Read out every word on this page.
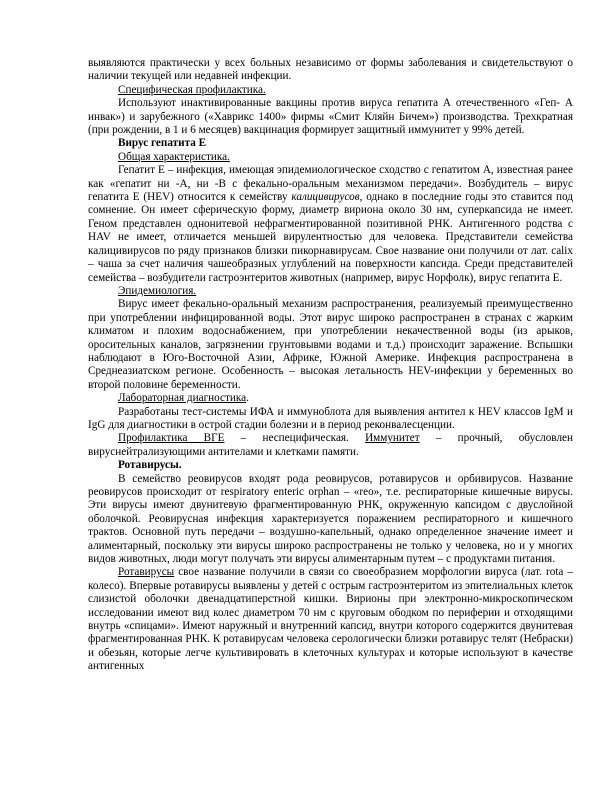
выявляются практически у всех больных независимо от формы заболевания и свидетельствуют о наличии текущей или недавней инфекции.

Специфическая профилактика.

Используют инактивированные вакцины против вируса гепатита А отечественного «Геп- А инвак») и зарубежного («Хаврикс 1400» фирмы «Смит Кляйн Бичем») производства. Трехкратная (при рождении, в 1 и 6 месяцев) вакцинация формирует защитный иммунитет у 99% детей.

Вирус гепатита Е

Общая характеристика.

Гепатит Е – инфекция, имеющая эпидемиологическое сходство с гепатитом А, известная ранее как «гепатит ни -А, ни -В с фекально-оральным механизмом передачи». Возбудитель – вирус гепатита Е (HEV) относится к семейству калицивирусов, однако в последние годы это ставится под сомнение. Он имеет сферическую форму, диаметр вириона около 30 нм, суперкапсида не имеет. Геном представлен однонитевой нефрагментированной позитивной РНК. Антигенного родства с HAV не имеет, отличается меньшей вирулентностью для человека. Представители семейства калицивирусов по ряду признаков близки пикорнавирусам. Свое название они получили от лат. calix – чаша за счет наличия чашеобразных углублений на поверхности капсида. Среди представителей семейства – возбудители гастроэнтеритов животных (например, вирус Норфолк), вирус гепатита Е.

Эпидемиология.

Вирус имеет фекально-оральный механизм распространения, реализуемый преимущественно при употреблении инфицированной воды. Этот вирус широко распространен в странах с жарким климатом и плохим водоснабжением, при употреблении некачественной воды (из арыков, оросительных каналов, загрязнении грунтовывми водами и т.д.) происходит заражение. Вспышки наблюдают в Юго-Восточной Азии, Африке, Южной Америке. Инфекция распространена в Среднеазиатском регионе. Особенность – высокая летальность HEV-инфекции у беременных во второй половине беременности.

Лабораторная диагностика.

Разработаны тест-системы ИФА и иммуноблота для выявления антител к HEV классов IgM и IgG для диагностики в острой стадии болезни и в период реконвалесценции.

Профилактика ВГЕ – неспецифическая. Иммунитет – прочный, обусловлен вируснейтрализующими антителами и клетками памяти.

Ротавирусы.

В семейство реовирусов входят рода реовирусов, ротавирусов и орбивирусов. Название реовирусов происходит от respiratory enteric orphan – «reo», т.е. респираторные кишечные вирусы. Эти вирусы имеют двунитевую фрагментированную РНК, окруженную капсидом с двуслойной оболочкой. Реовирусная инфекция характеризуется поражением респираторного и кишечного трактов. Основной путь передачи – воздушно-капельный, однако определенное значение имеет и алиментарный, поскольку эти вирусы широко распространены не только у человека, но и у многих видов животных, люди могут получать эти вирусы алиментарным путем – с продуктами питания.

Ротавирусы свое название получили в связи со своеобразием морфологии вируса (лат. rota – колесо). Впервые ротавирусы выявлены у детей с острым гастроэнтеритом из эпителиальных клеток слизистой оболочки двенадцатиперстной кишки. Вирионы при электронно-микроскопическом исследовании имеют вид колес диаметром 70 нм с круговым ободком по периферии и отходящими внутрь «спицами». Имеют наружный и внутренний капсид, внутри которого содержится двунитевая фрагментированная РНК. К ротавирусам человека серологически близки ротавирус телят (Небраски) и обезьян, которые легче культивировать в клеточных культурах и которые используют в качестве антигенных
